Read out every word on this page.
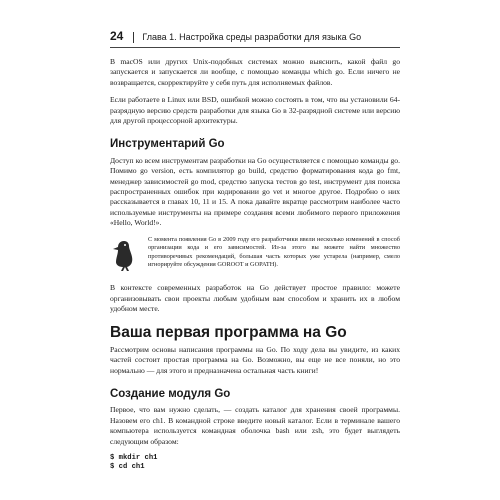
24 Глава 1. Настройка среды разработки для языка Go

В macOS или других Unix-подобных системах можно выяснить, какой файл go запускается и запускается ли вообще, с помощью команды which go. Если ничего не возвращается, скорректируйте у себя путь для исполняемых файлов.

Если работаете в Linux или BSD, ошибкой можно состоять в том, что вы установили 64-разрядную версию средств разработки для языка Go в 32-разрядной системе или версию для другой процессорной архитектуры.

Инструментарий Go

Доступ ко всем инструментам разработки на Go осуществляется с помощью команды go. Помимо go version, есть компилятор go build, средство форматирования кода go fmt, менеджер зависимостей go mod, средство запуска тестов go test, инструмент для поиска распространенных ошибок при кодировании go vet и многое другое. Подробно о них рассказывается в главах 10, 11 и 15. А пока давайте вкратце рассмотрим наиболее часто используемые инструменты на примере создания всеми любимого первого приложения «Hello, World!».

С момента появления Go в 2009 году его разработчики ввели несколько изменений в способ организации кода и его зависимостей. Из-за этого вы можете найти множество противоречивых рекомендаций, большая часть которых уже устарела (например, смело игнорируйте обсуждения GOROOT и GOPATH).

В контексте современных разработок на Go действует простое правило: можете организовывать свои проекты любым удобным вам способом и хранить их в любом удобном месте.

Ваша первая программа на Go

Рассмотрим основы написания программы на Go. По ходу дела вы увидите, из каких частей состоит простая программа на Go. Возможно, вы еще не все поняли, но это нормально — для этого и предназначена остальная часть книги!

Создание модуля Go

Первое, что вам нужно сделать, — создать каталог для хранения своей программы. Назовем его ch1. В командной строке введите новый каталог. Если в терминале вашего компьютера используется командная оболочка bash или zsh, это будет выглядеть следующим образом:

$ mkdir ch1
$ cd ch1
